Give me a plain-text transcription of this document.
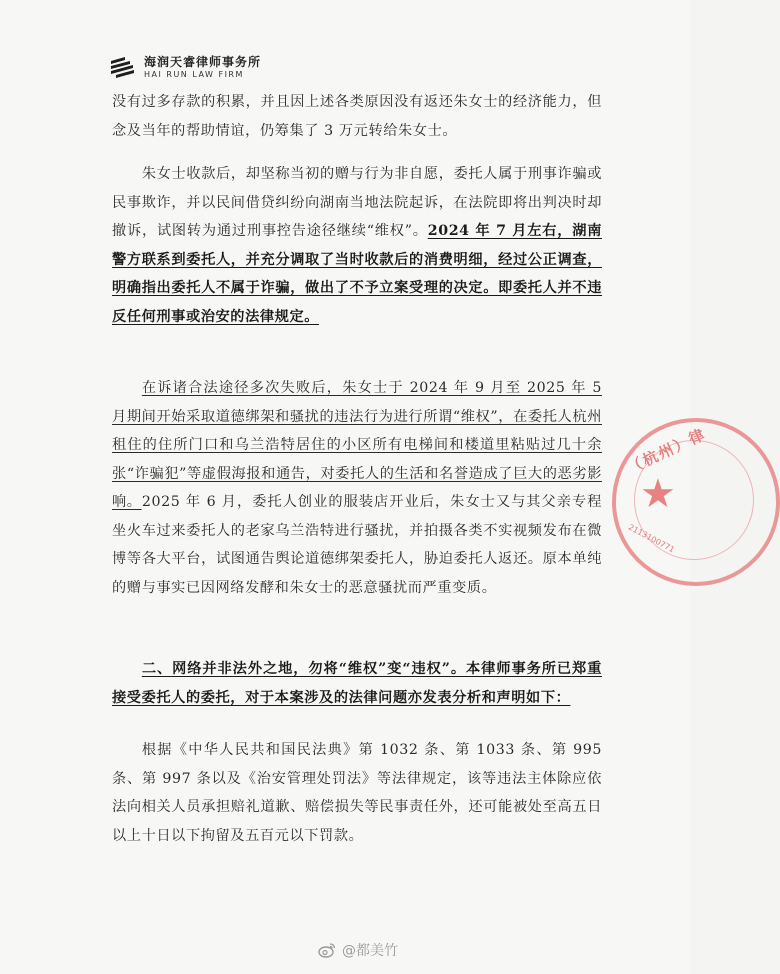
海润天睿律师事务所
HAI RUN LAW FIRM
没有过多存款的积累，并且因上述各类原因没有返还朱女士的经济能力，但念及当年的帮助情谊，仍筹集了 3 万元转给朱女士。
朱女士收款后，却坚称当初的赠与行为非自愿，委托人属于刑事诈骗或民事欺诈，并以民间借贷纠纷向湖南当地法院起诉，在法院即将出判决时却撤诉，试图转为通过刑事控告途径继续“维权”。2024 年 7 月左右，湖南警方联系到委托人，并充分调取了当时收款后的消费明细，经过公正调查，明确指出委托人不属于诈骗，做出了不予立案受理的决定。即委托人并不违反任何刑事或治安的法律规定。
在诉诸合法途径多次失败后，朱女士于 2024 年 9 月至 2025 年 5 月期间开始采取道德绑架和骚扰的违法行为进行所谓“维权”，在委托人杭州租住的住所门口和乌兰浩特居住的小区所有电梯间和楼道里粘贴过几十余张“诈骗犯”等虚假海报和通告，对委托人的生活和名誉造成了巨大的恶劣影响。 2025 年 6 月，委托人创业的服装店开业后，朱女士又与其父亲专程坐火车过来委托人的老家乌兰浩特进行骚扰，并拍摄各类不实视频发布在微博等各大平台，试图通告舆论道德绑架委托人，胁迫委托人返还。原本单纯的赠与事实已因网络发酵和朱女士的恶意骚扰而严重变质。
二、网络并非法外之地，勿将“维权”变“违权”。本律师事务所已郑重接受委托人的委托，对于本案涉及的法律问题亦发表分析和声明如下：
根据《中华人民共和国民法典》第 1032 条、第 1033 条、第 995 条、第 997 条以及《治安管理处罚法》等法律规定，该等违法主体除应依法向相关人员承担赔礼道歉、赔偿损失等民事责任外，还可能被处至高五日以上十日以下拘留及五百元以下罚款。
（杭州）律
★
2113100771
@都美竹
